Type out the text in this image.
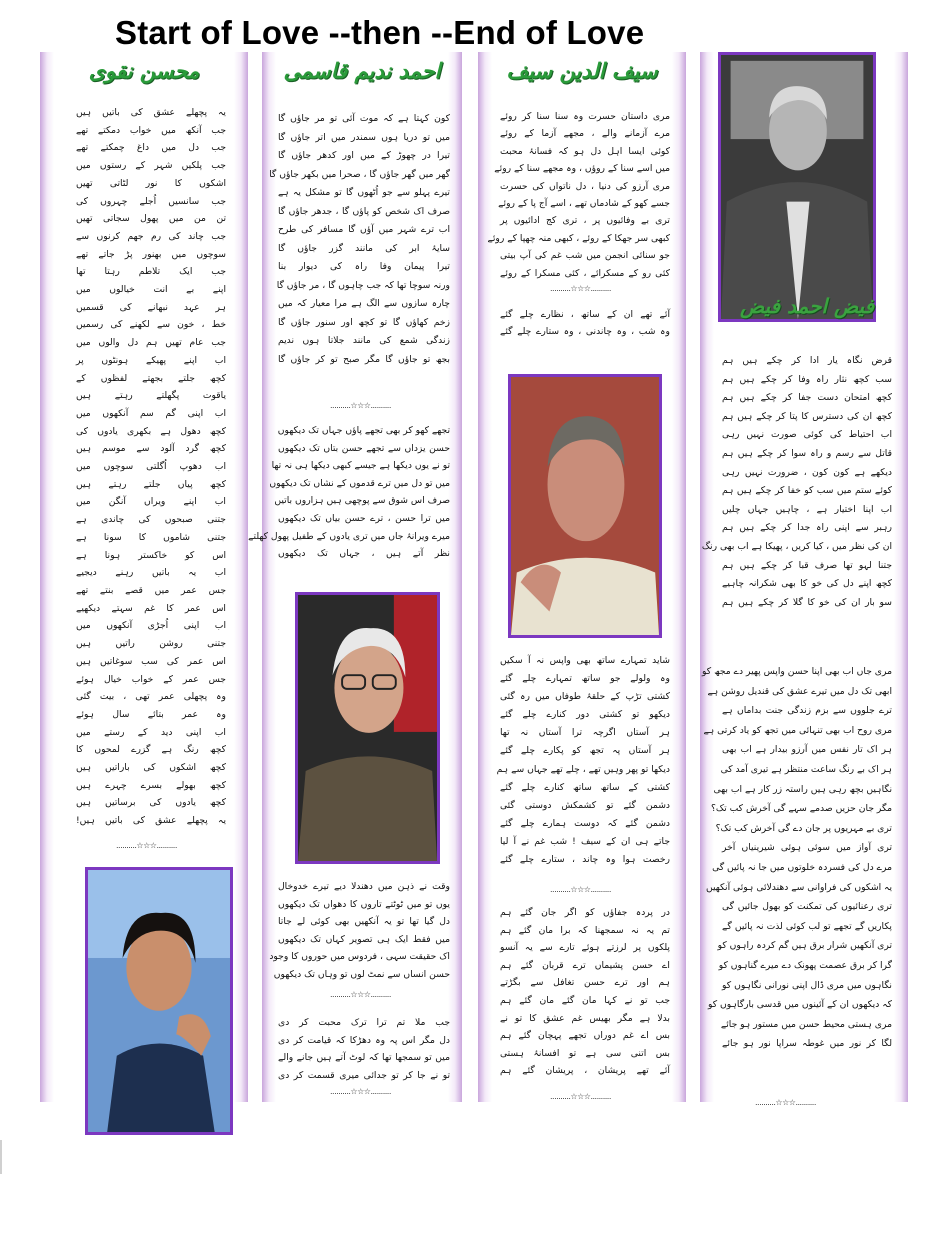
Start of Love --then --End of Love
محسن نقوی
یہ پچھلے عشق کی باتیں ہیں
جب آنکھ میں خواب دمکتے تھے
جب دل میں داغ چمکتے تھے
جب پلکیں شہر کے رستوں میں
اشکوں کا نور لٹاتی تھیں
جب سانسیں اُجلے چہروں کی
تن من میں پھول سجاتی تھیں
جب چاند کی رم جھم کرنوں سے
سوچوں میں بھنور پڑ جاتے تھے
جب ایک تلاطم رہتا تھا
اپنے بے انت خیالوں میں
ہر عہد نبھانے کی قسمیں
خط ، خون سے لکھنے کی رسمیں
جب عام تھیں ہم دل والوں میں
اب اپنے پھیکے ہونٹوں پر
کچھ جلتے بجھتے لفظوں کے
یاقوت پگھلتے رہتے ہیں
اب اپنی گم سم آنکھوں میں
کچھ دھول ہے بکھری یادوں کی
کچھ گرد آلود سے موسم ہیں
اب دھوپ اُگلتی سوچوں میں
کچھ پیاں جلتے رہتے ہیں
اب اپنے ویراں آنگن میں
جتنی صبحوں کی چاندی ہے
جتنی شاموں کا سونا ہے
اس کو خاکستر ہونا ہے
اب یہ باتیں رہنے دیجیے
جس عمر میں قصے بنتے تھے
اس عمر کا غم سہتے دیکھیے
اب اپنی اُجڑی آنکھوں میں
جتنی روشن راتیں ہیں
اس عمر کی سب سوغاتیں ہیں
جس عمر کے خواب خیال ہوئے
وہ پچھلی عمر تھی ، بیت گئی
وہ عمر بتائے سال ہوئے
اب اپنی دید کے رستے میں
کچھ رنگ ہے گزرے لمحوں کا
کچھ اشکوں کی باراتیں ہیں
کچھ بھولے بسرے چہرے ہیں
کچھ یادوں کی برساتیں ہیں
یہ پچھلے عشق کی باتیں ہیں!
..........☆☆☆..........
احمد ندیم قاسمی
کون کہتا ہے کہ موت آئی تو مر جاؤں گا
میں تو دریا ہوں سمندر میں اتر جاؤں گا
تیرا در چھوڑ کے میں اور کدھر جاؤں گا
گھر میں گھر جاؤں گا ، صحرا میں بکھر جاؤں گا
تیرے پہلو سے جو اُٹھوں گا تو مشکل یہ ہے
صرف اک شخص کو پاؤں گا ، جدھر جاؤں گا
اب ترے شہر میں آؤں گا مسافر کی طرح
سایۂ ابر کی مانند گزر جاؤں گا
تیرا پیمان وفا راہ کی دیوار بنا
ورنہ سوچا تھا کہ جب چاہوں گا ، مر جاؤں گا
چارہ سازوں سے الگ ہے مرا معیار کہ میں
زخم کھاؤں گا تو کچھ اور سنور جاؤں گا
زندگی شمع کی مانند جلاتا ہوں ندیم
بجھ تو جاؤں گا مگر صبح تو کر جاؤں گا
..........☆☆☆..........
تجھے کھو کر بھی تجھے پاؤں جہاں تک دیکھوں
حسن یزداں سے تجھے حسن بتاں تک دیکھوں
تو نے یوں دیکھا ہے جیسے کبھی دیکھا ہی نہ تھا
میں تو دل میں ترے قدموں کے نشاں تک دیکھوں
صرف اس شوق سے پوچھی ہیں ہزاروں باتیں
میں ترا حسن ، ترے حسن بیاں تک دیکھوں
میرے ویرانۂ جاں میں تری یادوں کے طفیل پھول کھلتے
نظر آتے ہیں ، جہاں تک دیکھوں
وقت نے ذہن میں دھندلا دیے تیرے خدوخال
یوں تو میں ٹوٹتے تاروں کا دھواں تک دیکھوں
دل گیا تھا تو یہ آنکھیں بھی کوئی لے جاتا
میں فقط ایک ہی تصویر کہاں تک دیکھوں
اک حقیقت سہی ، فردوس میں حوروں کا وجود
حسن انساں سے نمٹ لوں تو وہاں تک دیکھوں
..........☆☆☆..........
جب ملا تم ترا ترک محبت کر دی
دل مگر اس پہ وہ دھڑکا کہ قیامت کر دی
میں تو سمجھا تھا کہ لوٹ آتے ہیں جانے والے
تو نے جا کر تو جدائی میری قسمت کر دی
..........☆☆☆..........
سیف الدین سیف
مری داستان حسرت وہ سنا سنا کر روئے
مرے آزمانے والے ، مجھے آزما کے روئے
کوئی ایسا اہل دل ہو کہ فسانۂ محبت
میں اسے سنا کے روؤں ، وہ مجھے سنا کے روئے
مری آرزو کی دنیا ، دل ناتواں کی حسرت
جسے کھو کے شادماں تھے ، اسے آج پا کے روئے
تری بے وفائیوں پر ، تری کج ادائیوں پر
کبھی سر جھکا کے روئے ، کبھی منہ چھپا کے روئے
جو سنائی انجمن میں شب غم کی آپ بیتی
کئی رو کے مسکرائے ، کئی مسکرا کے روئے
..........☆☆☆..........
آئے تھے ان کے ساتھ ، نظارے چلے گئے
وہ شب ، وہ چاندنی ، وہ ستارے چلے گئے
شاید تمہارے ساتھ بھی واپس نہ آ سکیں
وہ ولولے جو ساتھ تمہارے چلے گئے
کشتی تڑپ کے حلقۂ طوفاں میں رہ گئی
دیکھو تو کشتی دور کنارے چلے گئے
ہر آستاں اگرچہ ترا آستاں نہ تھا
ہر آستاں پہ تجھ کو پکارے چلے گئے
دیکھا تو پھر وہیں تھے ، چلے تھے جہاں سے ہم
کشتی کے ساتھ ساتھ کنارے چلے گئے
دشمن گئے تو کشمکش دوستی گئی
دشمن گئے کہ دوست ہمارے چلے گئے
جاتے ہی ان کے سیف ! شب غم نے آ لیا
رخصت ہوا وہ چاند ، ستارے چلے گئے
..........☆☆☆..........
در پردہ جفاؤں کو اگر جان گئے ہم
تم یہ نہ سمجھنا کہ برا مان گئے ہم
پلکوں پر لرزتے ہوئے تارے سے یہ آنسو
اے حسن پشیماں ترے قربان گئے ہم
ہم اور ترے حسن تغافل سے بگڑتے
جب تو نے کہا مان گئے مان گئے ہم
بدلا ہے مگر بھیس غم عشق کا تو نے
بس اے غم دوراں تجھے پہچان گئے ہم
بس اتنی سی ہے تو افسانۂ ہستی
آئے تھے پریشان ، پریشان گئے ہم
..........☆☆☆..........
فیض احمد فیض
قرض نگاہ یار ادا کر چکے ہیں ہم
سب کچھ نثار راہ وفا کر چکے ہیں ہم
کچھ امتحان دست جفا کر چکے ہیں ہم
کچھ ان کی دسترس کا پتا کر چکے ہیں ہم
اب احتیاط کی کوئی صورت نہیں رہی
قاتل سے رسم و راہ سوا کر چکے ہیں ہم
دیکھے ہے کون کون ، ضرورت نہیں رہی
کوئے ستم میں سب کو خفا کر چکے ہیں ہم
اب اپنا اختیار ہے ، چاہیں جہاں چلیں
رہبر سے اپنی راہ جدا کر چکے ہیں ہم
ان کی نظر میں ، کیا کریں ، پھیکا ہے اب بھی رنگ
جتنا لہو تھا صرف قبا کر چکے ہیں ہم
کچھ اپنے دل کی خو کا بھی شکرانہ چاہیے
سو بار ان کی خو کا گلا کر چکے ہیں ہم
مری جاں اب بھی اپنا حسن واپس پھیر دے مجھ کو
ابھی تک دل میں تیرے عشق کی قندیل روشن ہے
ترے جلووں سے بزم زندگی جنت بداماں ہے
مری روح اب بھی تنہائی میں تجھ کو یاد کرتی ہے
ہر اک تار نفس میں آرزو بیدار ہے اب بھی
ہر اک بے رنگ ساعت منتظر ہے تیری آمد کی
نگاہیں بچھ رہی ہیں راستہ زر کار ہے اب بھی
مگر جان حزیں صدمے سہے گی آخرش کب تک؟
تری بے مہریوں پر جان دے گی آخرش کب تک؟
تری آواز میں سوئی ہوئی شیرینیاں آخر
مرے دل کی فسردہ خلوتوں میں جا نہ پائیں گی
یہ اشکوں کی فراوانی سے دھندلائی ہوئی آنکھیں
تری رعنائیوں کی تمکنت کو بھول جائیں گی
پکاریں گے تجھے تو لب کوئی لذت نہ پائیں گے
تری آنکھیں شرار برق ہیں گم کردہ راہوں کو
گرا کر برق عصمت پھونک دے میرے گناہوں کو
نگاہوں میں مری ڈال اپنی نورانی نگاہوں کو
کہ دیکھوں ان کے آئینوں میں قدسی بارگاہوں کو
مری ہستی محیط حسن میں مستور ہو جائے
لگا کر نور میں غوطہ سراپا نور ہو جائے
..........☆☆☆..........
